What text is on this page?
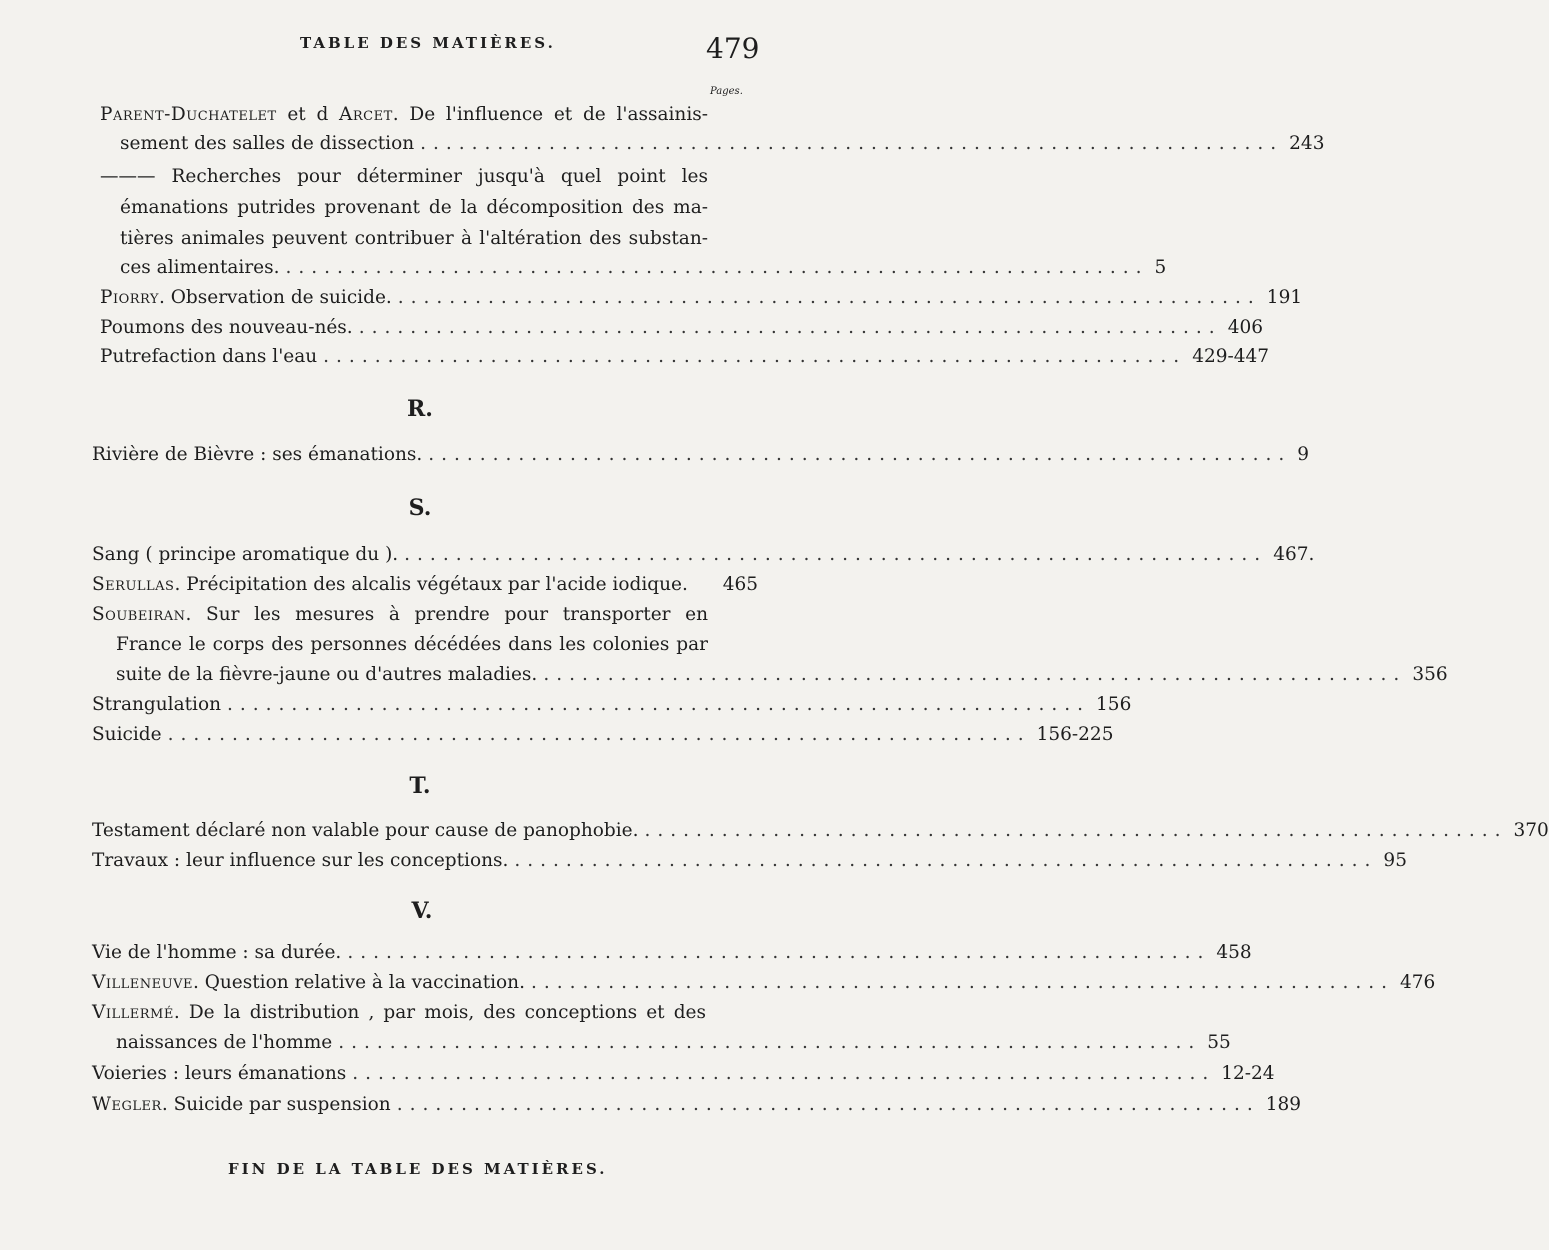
TABLE DES MATIÈRES.	479
Pages.
Parent-Duchatelet et d Arcet. De l'influence et de l'assainis-
sement des salles de dissection ................................................................... 243
——— Recherches pour déterminer jusqu'à quel point les
émanations putrides provenant de la décomposition des ma-
tières animales peuvent contribuer à l'altération des substan-
ces alimentaires. ................................................................... 5
Piorry. Observation de suicide. ................................................................... 191
Poumons des nouveau-nés. ................................................................... 406
Putrefaction dans l'eau ................................................................... 429-447
R.
Rivière de Bièvre : ses émanations. ................................................................... 9
S.
Sang ( principe aromatique du ). ................................................................... 467.
Serullas. Précipitation des alcalis végétaux par l'acide iodique. 465
Soubeiran. Sur les mesures à prendre pour transporter en
France le corps des personnes décédées dans les colonies par
suite de la fièvre-jaune ou d'autres maladies. ................................................................... 356
Strangulation ................................................................... 156
Suicide ................................................................... 156-225
T.
Testament déclaré non valable pour cause de panophobie. ................................................................... 370
Travaux : leur influence sur les conceptions. ................................................................... 95
V.
Vie de l'homme : sa durée. ................................................................... 458
Villeneuve. Question relative à la vaccination. ................................................................... 476
Villermé. De la distribution , par mois, des conceptions et des
naissances de l'homme ................................................................... 55
Voieries : leurs émanations ................................................................... 12-24
Wegler. Suicide par suspension ................................................................... 189
FIN DE LA TABLE DES MATIÈRES.
